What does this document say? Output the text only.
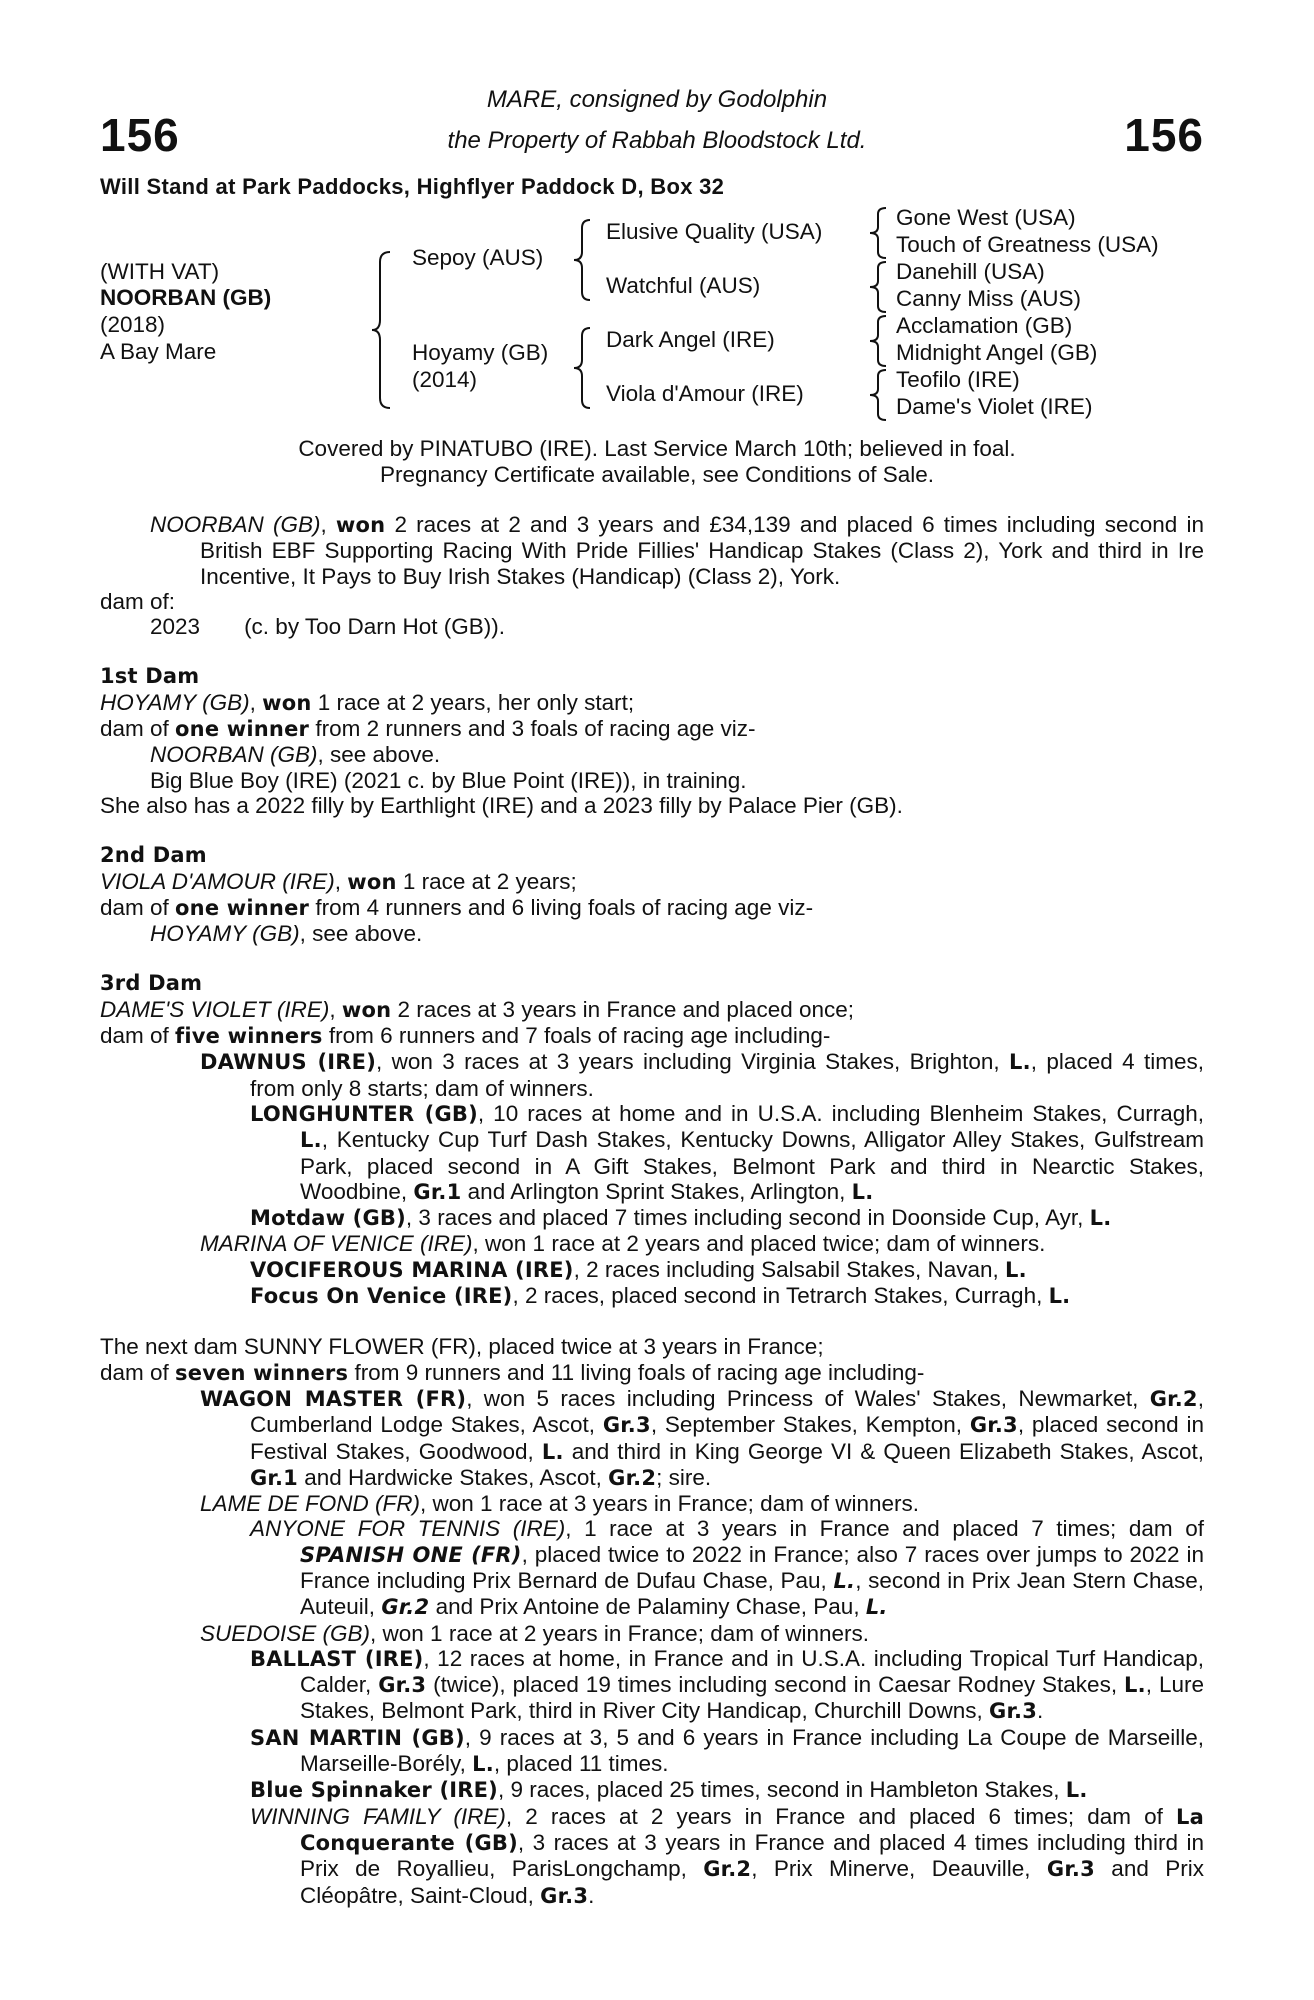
156	156
MARE, consigned by Godolphin
the Property of Rabbah Bloodstock Ltd.
Will Stand at Park Paddocks, Highflyer Paddock D, Box 32
(WITH VAT)
NOORBAN (GB)
(2018)
A Bay Mare
Sepoy (AUS)
Hoyamy (GB)
(2014)
Elusive Quality (USA)
Watchful (AUS)
Dark Angel (IRE)
Viola d'Amour (IRE)
Gone West (USA)
Touch of Greatness (USA)
Danehill (USA)
Canny Miss (AUS)
Acclamation (GB)
Midnight Angel (GB)
Teofilo (IRE)
Dame's Violet (IRE)
Covered by PINATUBO (IRE). Last Service March 10th; believed in foal.
Pregnancy Certificate available, see Conditions of Sale.

NOORBAN (GB), won 2 races at 2 and 3 years and £34,139 and placed 6 times including second in British EBF Supporting Racing With Pride Fillies' Handicap Stakes (Class 2), York and third in Ire Incentive, It Pays to Buy Irish Stakes (Handicap) (Class 2), York.

dam of:

2023 (c. by Too Darn Hot (GB)).

1st Dam

HOYAMY (GB), won 1 race at 2 years, her only start;

dam of one winner from 2 runners and 3 foals of racing age viz-

NOORBAN (GB), see above.

Big Blue Boy (IRE) (2021 c. by Blue Point (IRE)), in training.

She also has a 2022 filly by Earthlight (IRE) and a 2023 filly by Palace Pier (GB).

2nd Dam

VIOLA D'AMOUR (IRE), won 1 race at 2 years;

dam of one winner from 4 runners and 6 living foals of racing age viz-

HOYAMY (GB), see above.

3rd Dam

DAME'S VIOLET (IRE), won 2 races at 3 years in France and placed once;

dam of five winners from 6 runners and 7 foals of racing age including-

DAWNUS (IRE), won 3 races at 3 years including Virginia Stakes, Brighton, L., placed 4 times, from only 8 starts; dam of winners.

LONGHUNTER (GB), 10 races at home and in U.S.A. including Blenheim Stakes, Curragh, L., Kentucky Cup Turf Dash Stakes, Kentucky Downs, Alligator Alley Stakes, Gulfstream Park, placed second in A Gift Stakes, Belmont Park and third in Nearctic Stakes, Woodbine, Gr.1 and Arlington Sprint Stakes, Arlington, L.

Motdaw (GB), 3 races and placed 7 times including second in Doonside Cup, Ayr, L.

MARINA OF VENICE (IRE), won 1 race at 2 years and placed twice; dam of winners.

VOCIFEROUS MARINA (IRE), 2 races including Salsabil Stakes, Navan, L.

Focus On Venice (IRE), 2 races, placed second in Tetrarch Stakes, Curragh, L.

The next dam SUNNY FLOWER (FR), placed twice at 3 years in France;

dam of seven winners from 9 runners and 11 living foals of racing age including-

WAGON MASTER (FR), won 5 races including Princess of Wales' Stakes, Newmarket, Gr.2, Cumberland Lodge Stakes, Ascot, Gr.3, September Stakes, Kempton, Gr.3, placed second in Festival Stakes, Goodwood, L. and third in King George VI & Queen Elizabeth Stakes, Ascot, Gr.1 and Hardwicke Stakes, Ascot, Gr.2; sire.

LAME DE FOND (FR), won 1 race at 3 years in France; dam of winners.

ANYONE FOR TENNIS (IRE), 1 race at 3 years in France and placed 7 times; dam of SPANISH ONE (FR), placed twice to 2022 in France; also 7 races over jumps to 2022 in France including Prix Bernard de Dufau Chase, Pau, L., second in Prix Jean Stern Chase, Auteuil, Gr.2 and Prix Antoine de Palaminy Chase, Pau, L.

SUEDOISE (GB), won 1 race at 2 years in France; dam of winners.

BALLAST (IRE), 12 races at home, in France and in U.S.A. including Tropical Turf Handicap, Calder, Gr.3 (twice), placed 19 times including second in Caesar Rodney Stakes, L., Lure Stakes, Belmont Park, third in River City Handicap, Churchill Downs, Gr.3.

SAN MARTIN (GB), 9 races at 3, 5 and 6 years in France including La Coupe de Marseille, Marseille-Borély, L., placed 11 times.

Blue Spinnaker (IRE), 9 races, placed 25 times, second in Hambleton Stakes, L.

WINNING FAMILY (IRE), 2 races at 2 years in France and placed 6 times; dam of La Conquerante (GB), 3 races at 3 years in France and placed 4 times including third in Prix de Royallieu, ParisLongchamp, Gr.2, Prix Minerve, Deauville, Gr.3 and Prix Cléopâtre, Saint-Cloud, Gr.3.
